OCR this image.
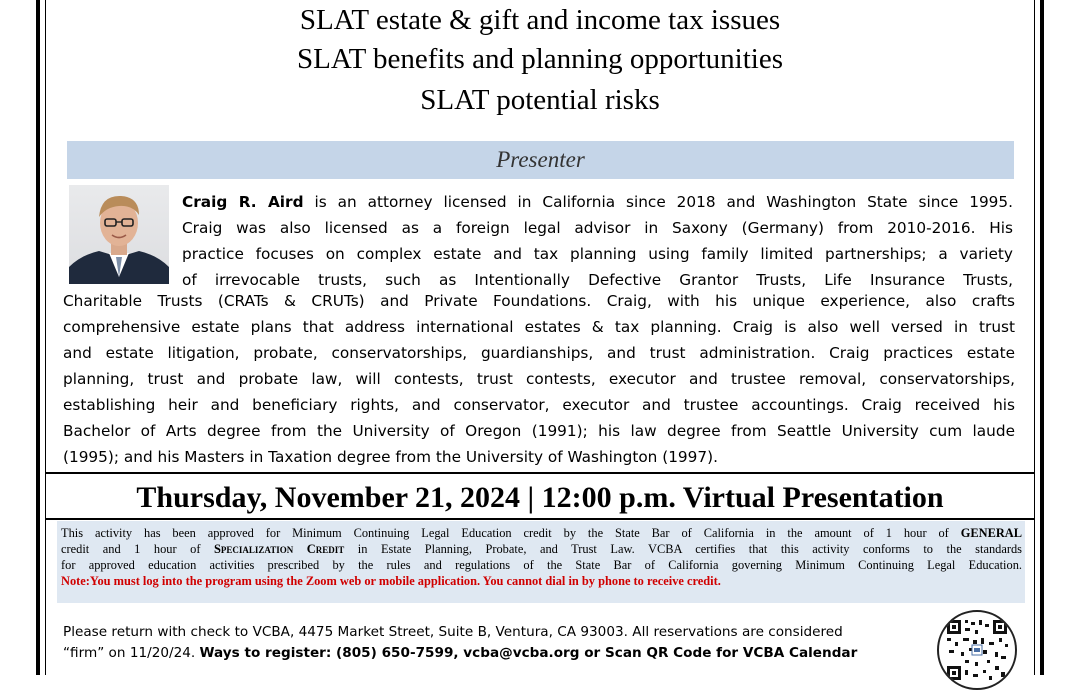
SLAT estate & gift and income tax issues
SLAT benefits and planning opportunities
SLAT potential risks
Presenter
Craig R. Aird is an attorney licensed in California since 2018 and Washington State since 1995.
Craig was also licensed as a foreign legal advisor in Saxony (Germany) from 2010-2016. His
practice focuses on complex estate and tax planning using family limited partnerships; a variety
of irrevocable trusts, such as Intentionally Defective Grantor Trusts, Life Insurance Trusts,
Charitable Trusts (CRATs & CRUTs) and Private Foundations. Craig, with his unique experience, also crafts
comprehensive estate plans that address international estates & tax planning. Craig is also well versed in trust
and estate litigation, probate, conservatorships, guardianships, and trust administration. Craig practices estate
planning, trust and probate law, will contests, trust contests, executor and trustee removal, conservatorships,
establishing heir and beneficiary rights, and conservator, executor and trustee accountings. Craig received his
Bachelor of Arts degree from the University of Oregon (1991); his law degree from Seattle University cum laude
(1995); and his Masters in Taxation degree from the University of Washington (1997).
Thursday, November 21, 2024 | 12:00 p.m. Virtual Presentation
This activity has been approved for Minimum Continuing Legal Education credit by the State Bar of California in the amount of 1 hour of GENERAL
credit and 1 hour of Specialization Credit in Estate Planning, Probate, and Trust Law. VCBA certifies that this activity conforms to the standards
for approved education activities prescribed by the rules and regulations of the State Bar of California governing Minimum Continuing Legal Education.
Note:You must log into the program using the Zoom web or mobile application. You cannot dial in by phone to receive credit.
Please return with check to VCBA, 4475 Market Street, Suite B, Ventura, CA 93003. All reservations are considered
“firm” on 11/20/24. Ways to register: (805) 650-7599, vcba@vcba.org or Scan QR Code for VCBA Calendar
